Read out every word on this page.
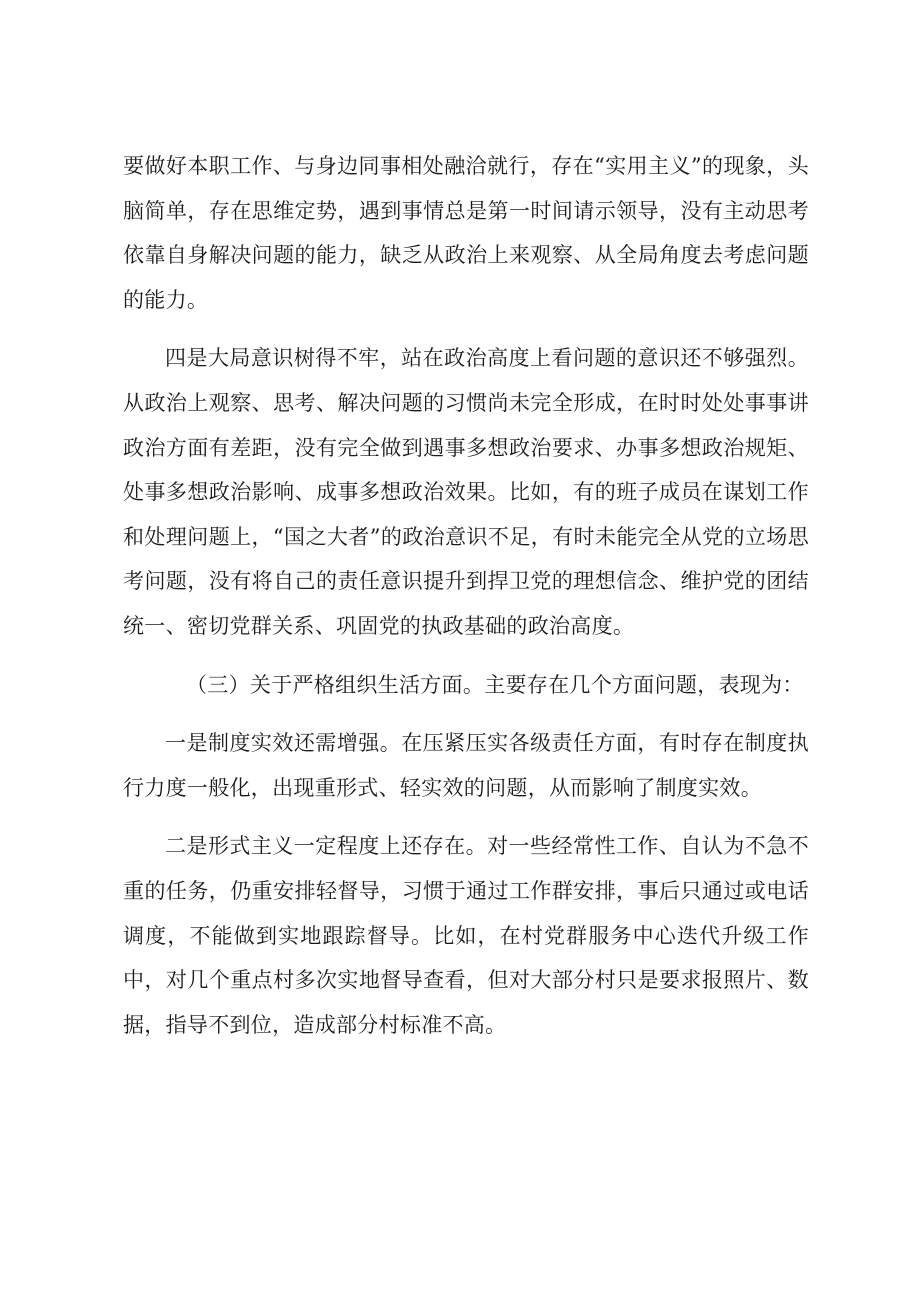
要做好本职工作、与身边同事相处融洽就行，存在“实用主义”的现象，头脑简单，存在思维定势，遇到事情总是第一时间请示领导，没有主动思考依靠自身解决问题的能力，缺乏从政治上来观察、从全局角度去考虑问题的能力。

四是大局意识树得不牢，站在政治高度上看问题的意识还不够强烈。从政治上观察、思考、解决问题的习惯尚未完全形成，在时时处处事事讲政治方面有差距，没有完全做到遇事多想政治要求、办事多想政治规矩、处事多想政治影响、成事多想政治效果。比如，有的班子成员在谋划工作和处理问题上，“国之大者”的政治意识不足，有时未能完全从党的立场思考问题，没有将自己的责任意识提升到捍卫党的理想信念、维护党的团结统一、密切党群关系、巩固党的执政基础的政治高度。

（三）关于严格组织生活方面。主要存在几个方面问题，表现为：

一是制度实效还需增强。在压紧压实各级责任方面，有时存在制度执行力度一般化，出现重形式、轻实效的问题，从而影响了制度实效。

二是形式主义一定程度上还存在。对一些经常性工作、自认为不急不重的任务，仍重安排轻督导，习惯于通过工作群安排，事后只通过或电话调度，不能做到实地跟踪督导。比如，在村党群服务中心迭代升级工作中，对几个重点村多次实地督导查看，但对大部分村只是要求报照片、数据，指导不到位，造成部分村标准不高。
